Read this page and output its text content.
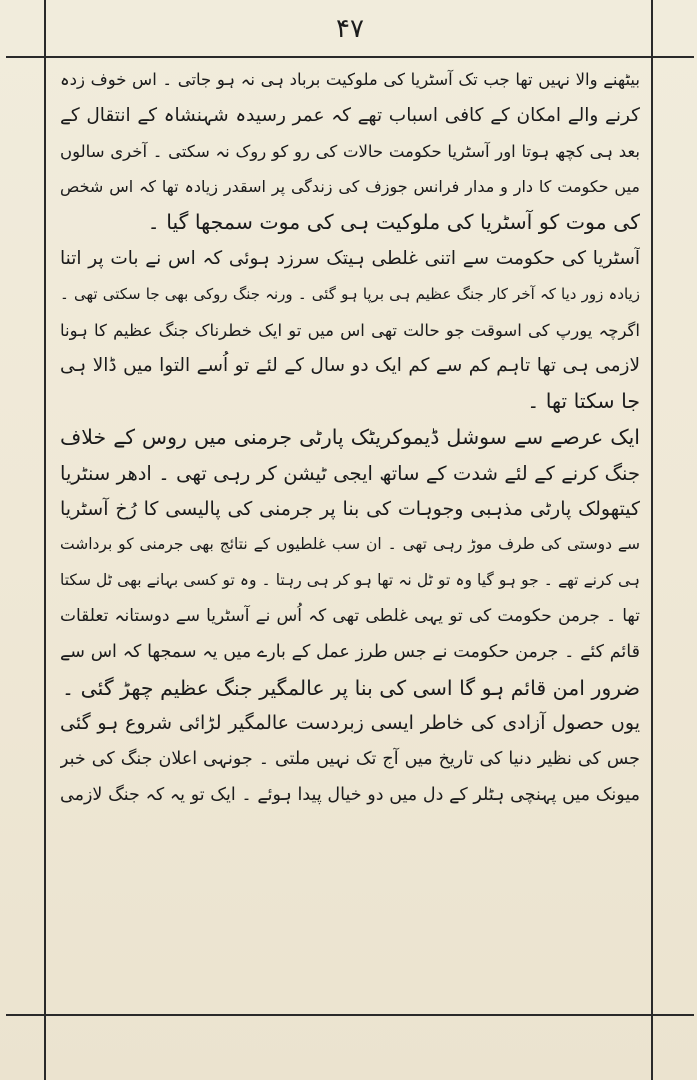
۴۷
بیٹھنے والا نہیں تھا جب تک آسٹریا کی ملوکیت برباد ہی نہ ہو جاتی ۔ اس خوف زدہ
کرنے والے امکان کے کافی اسباب تھے کہ عمر رسیدہ شہنشاہ کے انتقال کے
بعد ہی کچھ ہوتا اور آسٹریا حکومت حالات کی رو کو روک نہ سکتی ۔ آخری سالوں
میں حکومت کا دار و مدار فرانس جوزف کی زندگی پر اسقدر زیادہ تھا کہ اس شخص
کی موت کو آسٹریا کی ملوکیت ہی کی موت سمجھا گیا ۔
آسٹریا کی حکومت سے اتنی غلطی ہیتک سرزد ہوئی کہ اس نے بات پر اتنا
زیادہ زور دیا کہ آخر کار جنگ عظیم ہی برپا ہو گئی ۔ ورنہ جنگ روکی بھی جا سکتی تھی ۔
اگرچہ یورپ کی اسوقت جو حالت تھی اس میں تو ایک خطرناک جنگ عظیم کا ہونا
لازمی ہی تھا تاہم کم سے کم ایک دو سال کے لئے تو اُسے التوا میں ڈالا ہی
جا سکتا تھا ۔
ایک عرصے سے سوشل ڈیموکریٹک پارٹی جرمنی میں روس کے خلاف
جنگ کرنے کے لئے شدت کے ساتھ ایجی ٹیشن کر رہی تھی ۔ ادھر سنٹریا
کیتھولک پارٹی مذہبی وجوہات کی بنا پر جرمنی کی پالیسی کا رُخ آسٹریا
سے دوستی کی طرف موڑ رہی تھی ۔ ان سب غلطیوں کے نتائج بھی جرمنی کو برداشت
ہی کرنے تھے ۔ جو ہو گیا وہ تو ٹل نہ تھا ہو کر ہی رہتا ۔ وہ تو کسی بہانے بھی ٹل سکتا
تھا ۔ جرمن حکومت کی تو یہی غلطی تھی کہ اُس نے آسٹریا سے دوستانہ تعلقات
قائم کئے ۔ جرمن حکومت نے جس طرز عمل کے بارے میں یہ سمجھا کہ اس سے
ضرور امن قائم ہو گا اسی کی بنا پر عالمگیر جنگ عظیم چھڑ گئی ۔
یوں حصول آزادی کی خاطر ایسی زبردست عالمگیر لڑائی شروع ہو گئی
جس کی نظیر دنیا کی تاریخ میں آج تک نہیں ملتی ۔ جونہی اعلان جنگ کی خبر
میونک میں پہنچی ہٹلر کے دل میں دو خیال پیدا ہوئے ۔ ایک تو یہ کہ جنگ لازمی
